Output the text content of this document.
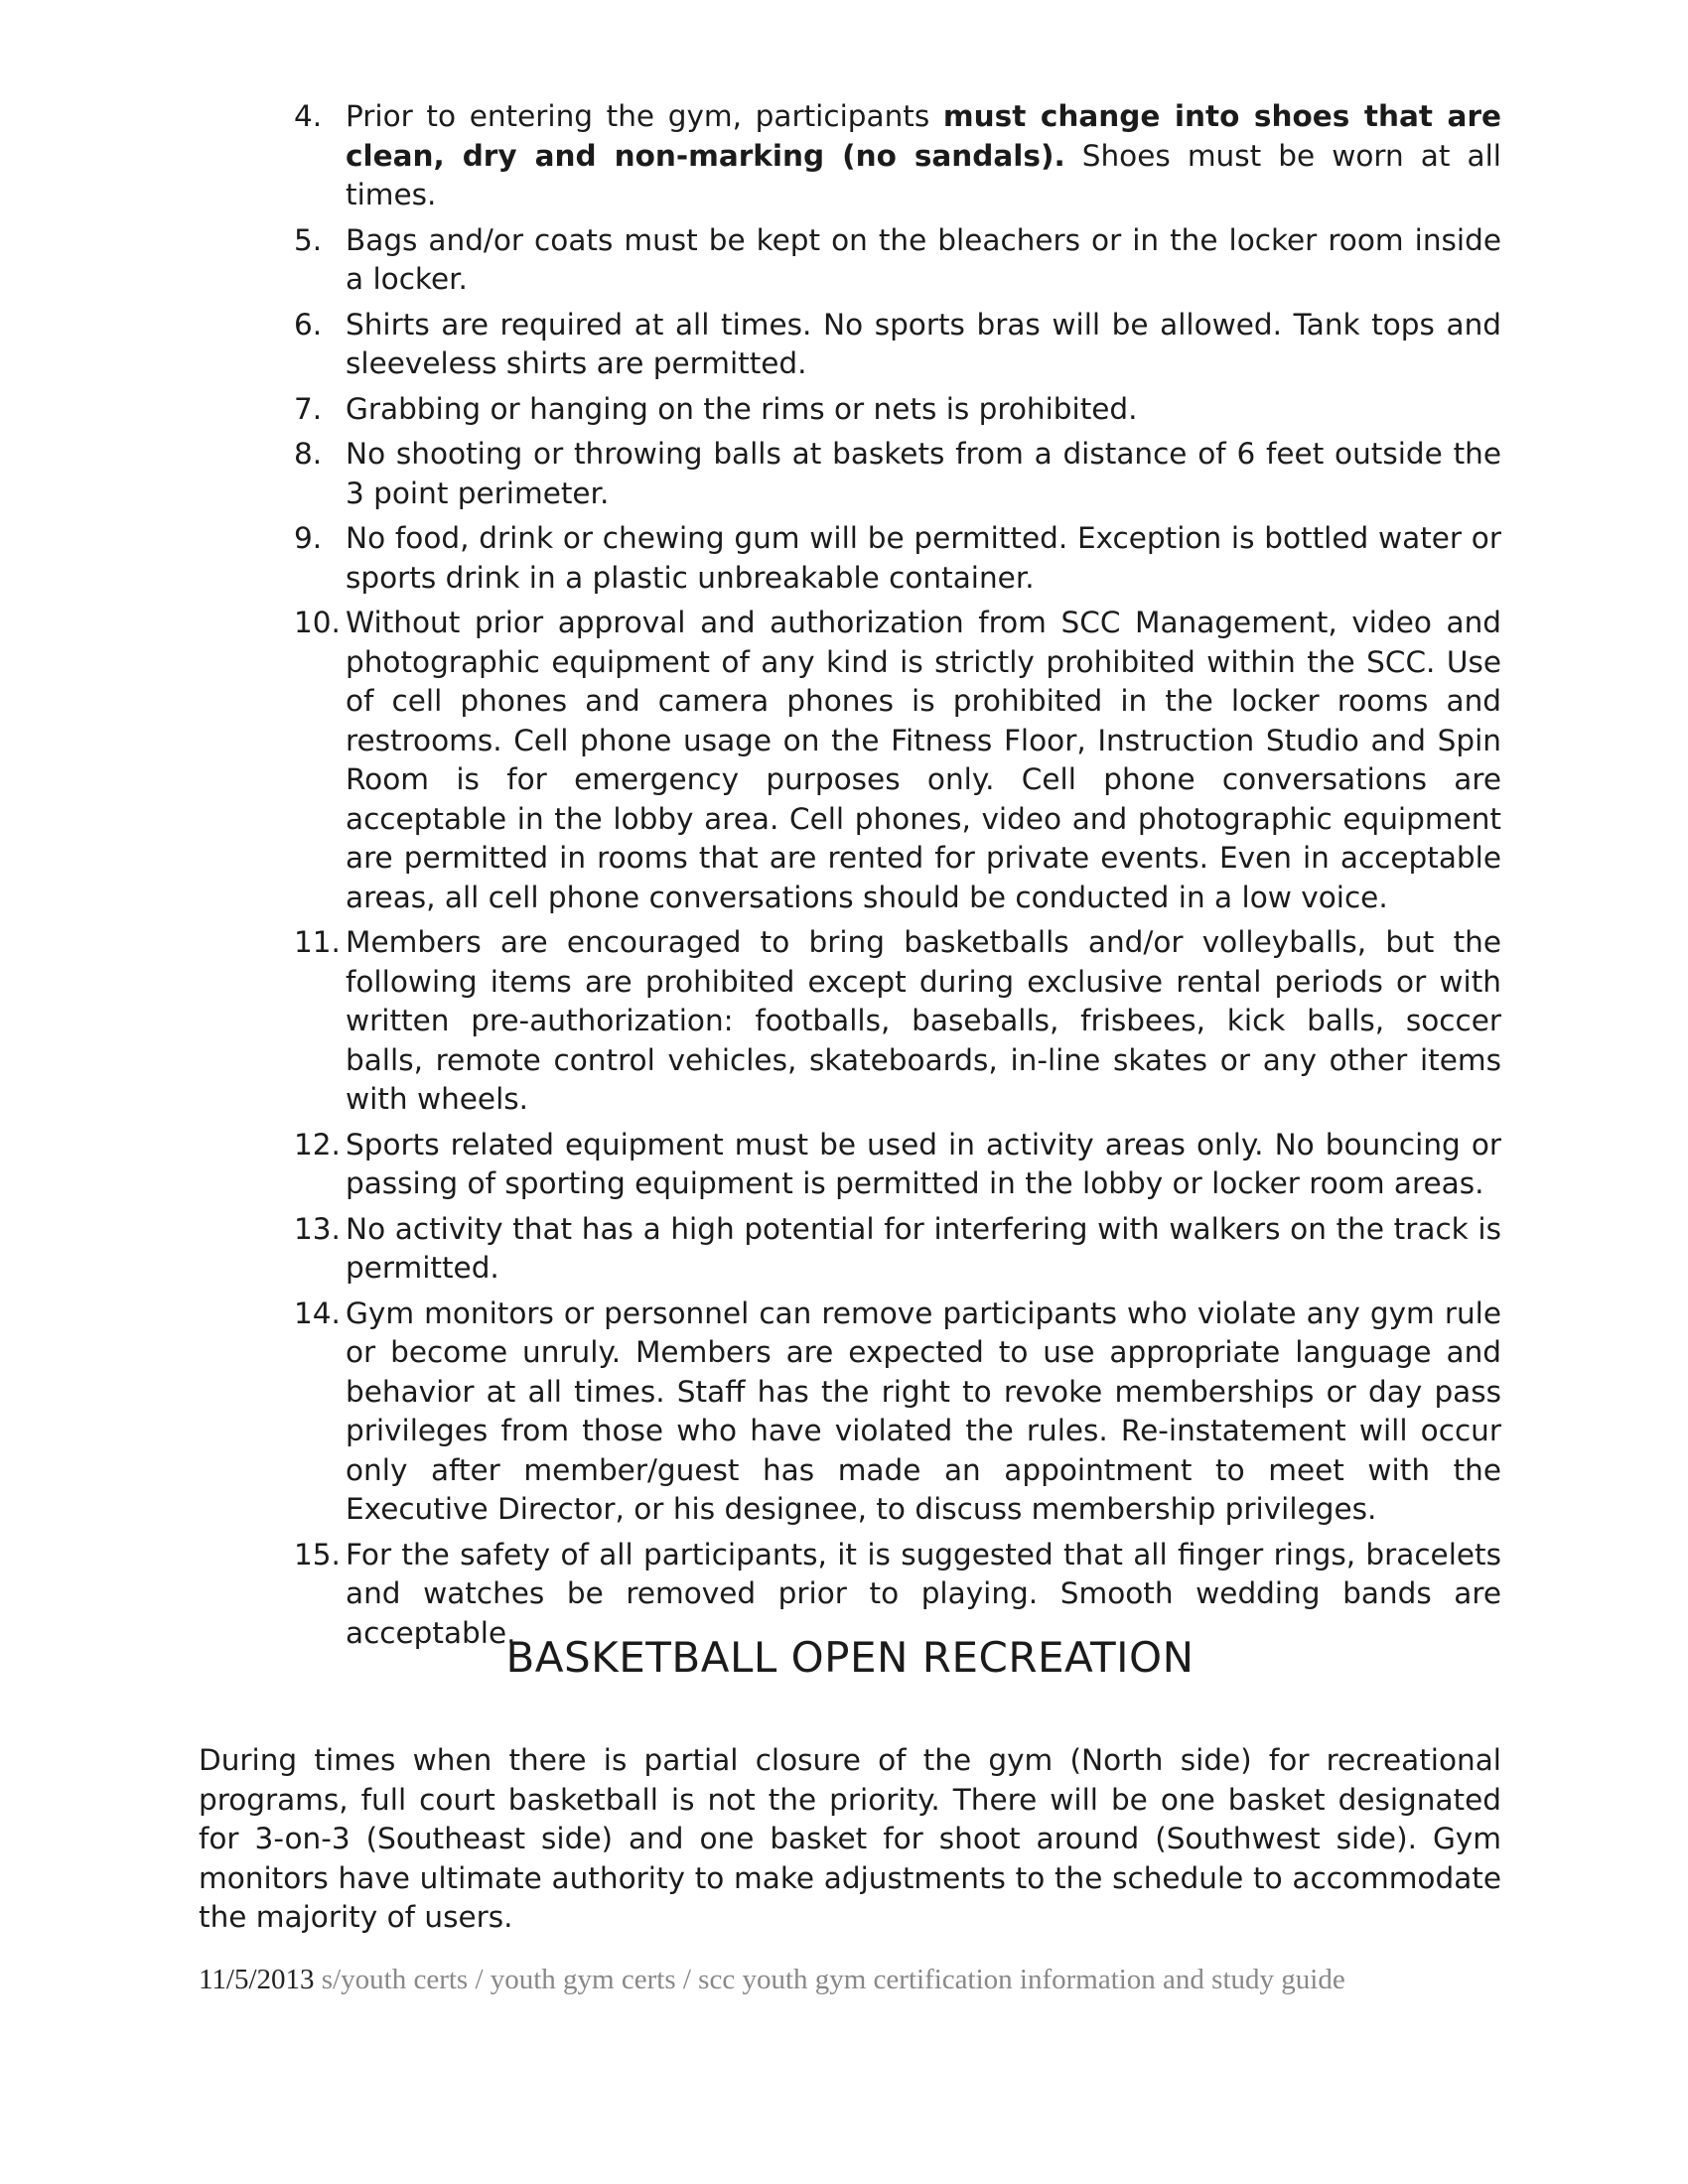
4. Prior to entering the gym, participants must change into shoes that are clean, dry and non-marking (no sandals). Shoes must be worn at all times.
5. Bags and/or coats must be kept on the bleachers or in the locker room inside a locker.
6. Shirts are required at all times. No sports bras will be allowed. Tank tops and sleeveless shirts are permitted.
7. Grabbing or hanging on the rims or nets is prohibited.
8. No shooting or throwing balls at baskets from a distance of 6 feet outside the 3 point perimeter.
9. No food, drink or chewing gum will be permitted. Exception is bottled water or sports drink in a plastic unbreakable container.
10. Without prior approval and authorization from SCC Management, video and photographic equipment of any kind is strictly prohibited within the SCC. Use of cell phones and camera phones is prohibited in the locker rooms and restrooms. Cell phone usage on the Fitness Floor, Instruction Studio and Spin Room is for emergency purposes only. Cell phone conversations are acceptable in the lobby area. Cell phones, video and photographic equipment are permitted in rooms that are rented for private events. Even in acceptable areas, all cell phone conversations should be conducted in a low voice.
11. Members are encouraged to bring basketballs and/or volleyballs, but the following items are prohibited except during exclusive rental periods or with written pre-authorization: footballs, baseballs, frisbees, kick balls, soccer balls, remote control vehicles, skateboards, in-line skates or any other items with wheels.
12. Sports related equipment must be used in activity areas only. No bouncing or passing of sporting equipment is permitted in the lobby or locker room areas.
13. No activity that has a high potential for interfering with walkers on the track is permitted.
14. Gym monitors or personnel can remove participants who violate any gym rule or become unruly. Members are expected to use appropriate language and behavior at all times. Staff has the right to revoke memberships or day pass privileges from those who have violated the rules. Re-instatement will occur only after member/guest has made an appointment to meet with the Executive Director, or his designee, to discuss membership privileges.
15. For the safety of all participants, it is suggested that all finger rings, bracelets and watches be removed prior to playing. Smooth wedding bands are acceptable.
BASKETBALL OPEN RECREATION

During times when there is partial closure of the gym (North side) for recreational programs, full court basketball is not the priority. There will be one basket designated for 3-on-3 (Southeast side) and one basket for shoot around (Southwest side). Gym monitors have ultimate authority to make adjustments to the schedule to accommodate the majority of users.

11/5/2013 s/youth certs / youth gym certs / scc youth gym certification information and study guide
